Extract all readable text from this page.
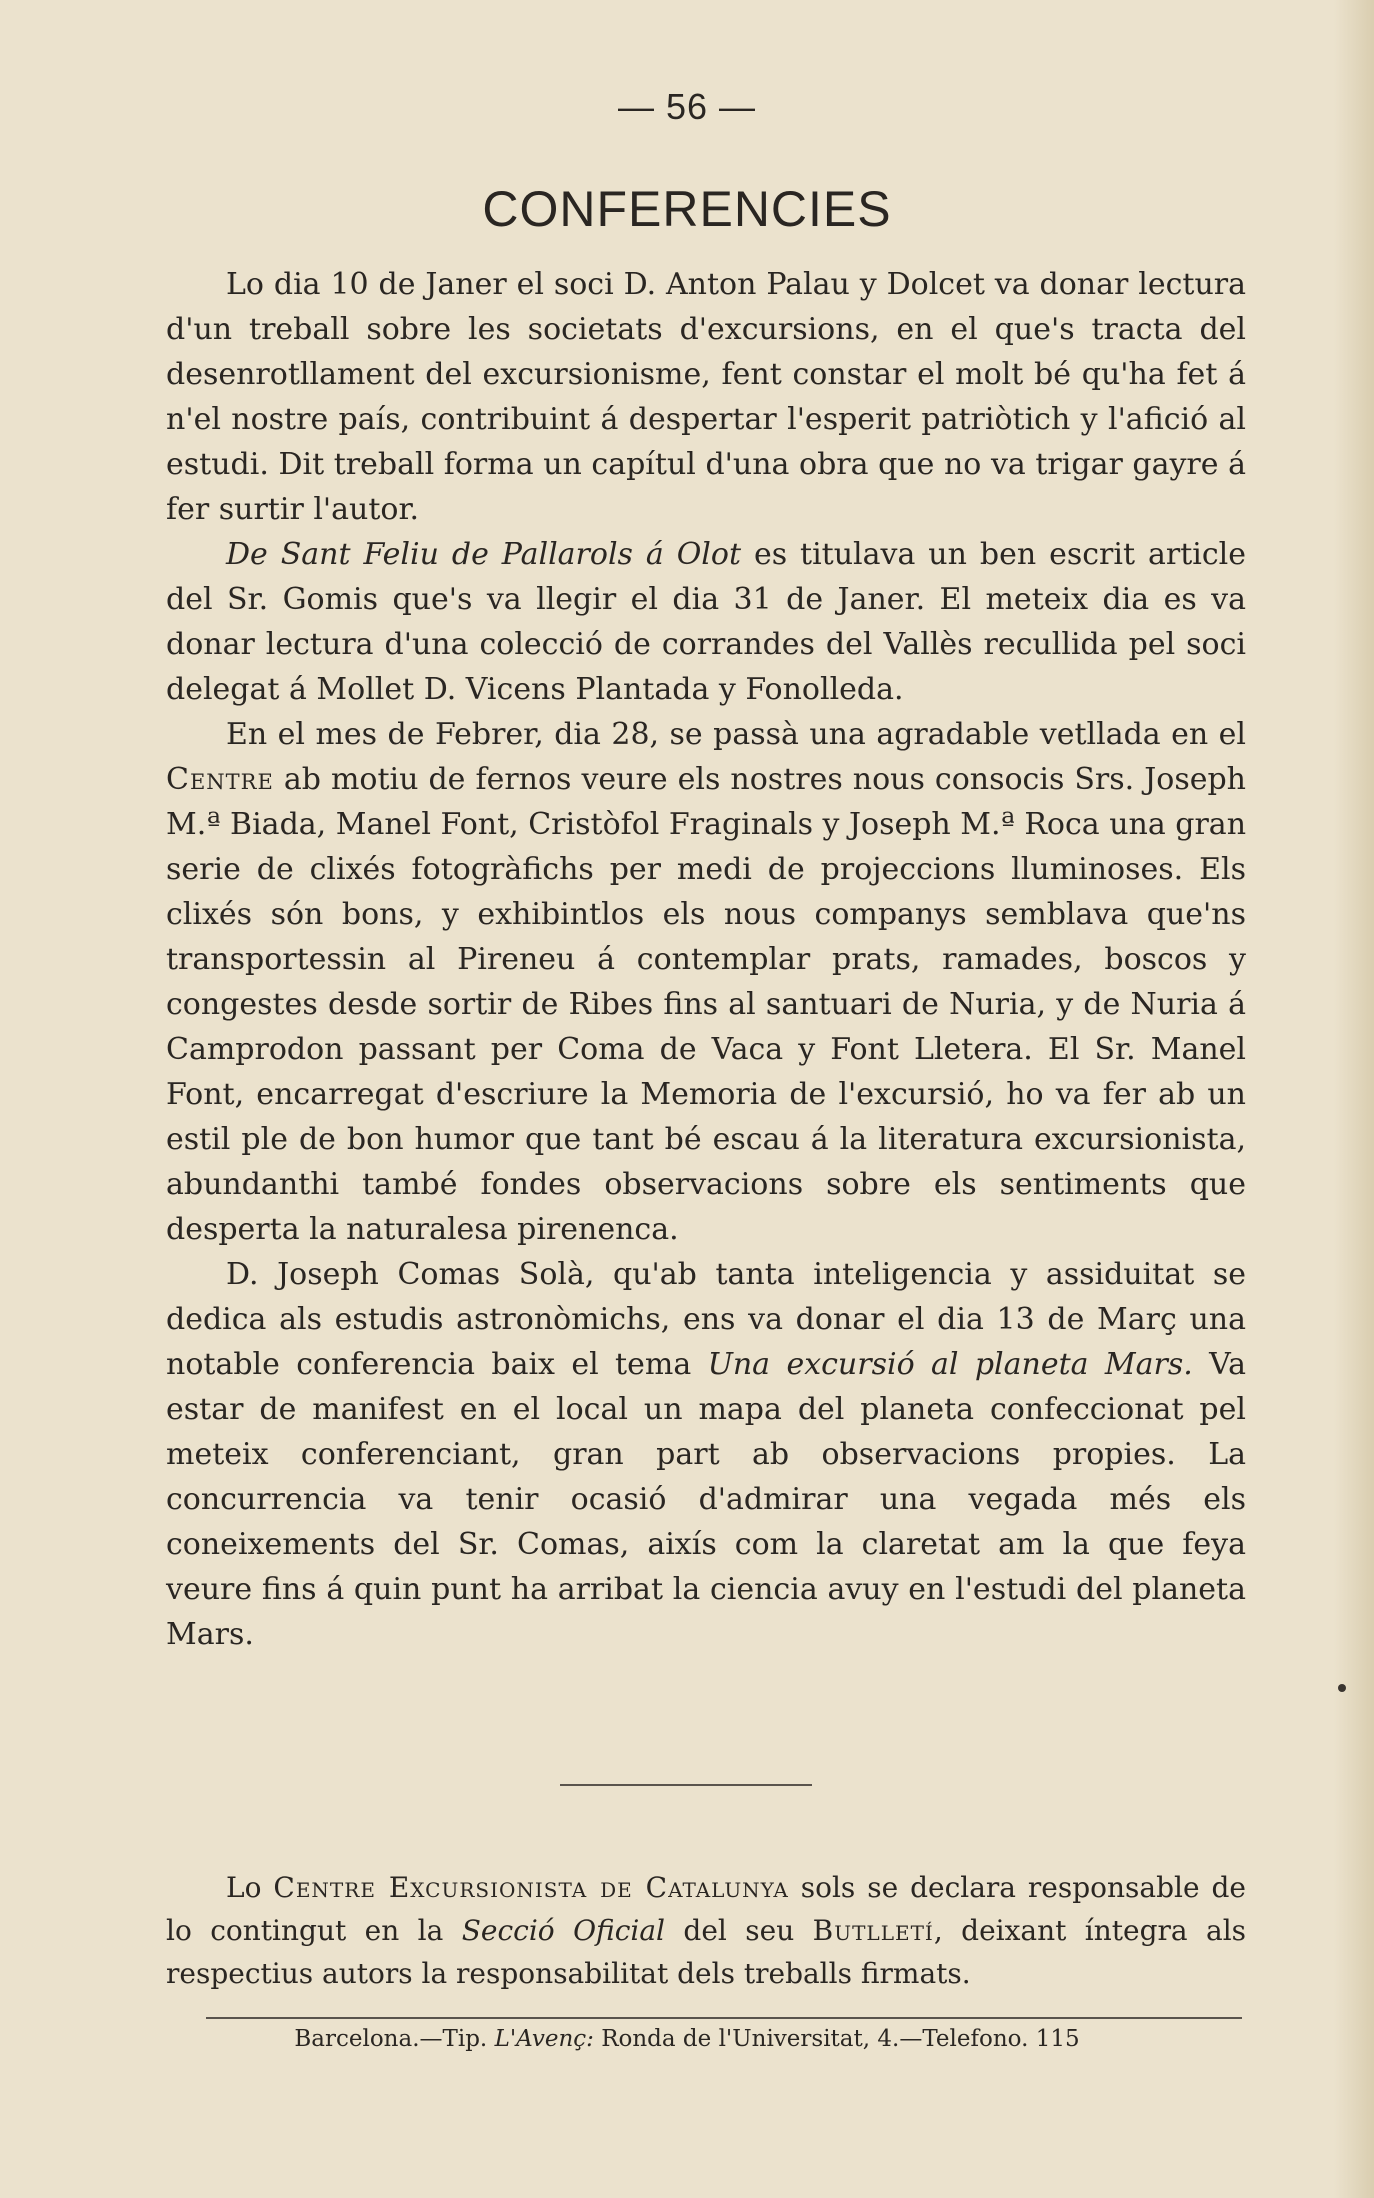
— 56 —
CONFERENCIES

Lo dia 10 de Janer el soci D. Anton Palau y Dolcet va donar lectura d'un treball sobre les societats d'excursions, en el que's tracta del desenrotllament del excursionisme, fent constar el molt bé qu'ha fet á n'el nostre país, contribuint á despertar l'esperit patriòtich y l'afició al estudi. Dit treball forma un capítul d'una obra que no va trigar gayre á fer surtir l'autor.

De Sant Feliu de Pallarols á Olot es titulava un ben escrit article del Sr. Gomis que's va llegir el dia 31 de Janer. El meteix dia es va donar lectura d'una colecció de corrandes del Vallès recullida pel soci delegat á Mollet D. Vicens Plantada y Fonolleda.

En el mes de Febrer, dia 28, se passà una agradable vetllada en el Centre ab motiu de fernos veure els nostres nous consocis Srs. Joseph M.ª Biada, Manel Font, Cristòfol Fraginals y Joseph M.ª Roca una gran serie de clixés fotogràfichs per medi de projeccions lluminoses. Els clixés són bons, y exhibintlos els nous companys semblava que'ns transportessin al Pireneu á contemplar prats, ramades, boscos y congestes desde sortir de Ribes fins al santuari de Nuria, y de Nuria á Camprodon passant per Coma de Vaca y Font Lletera. El Sr. Manel Font, encarregat d'escriure la Memoria de l'excursió, ho va fer ab un estil ple de bon humor que tant bé escau á la literatura excursionista, abundanthi també fondes observacions sobre els sentiments que desperta la naturalesa pirenenca.

D. Joseph Comas Solà, qu'ab tanta inteligencia y assiduitat se dedica als estudis astronòmichs, ens va donar el dia 13 de Març una notable conferencia baix el tema Una excursió al planeta Mars. Va estar de manifest en el local un mapa del planeta confeccionat pel meteix conferenciant, gran part ab observacions propies. La concurrencia va tenir ocasió d'admirar una vegada més els coneixements del Sr. Comas, aixís com la claretat am la que feya veure fins á quin punt ha arribat la ciencia avuy en l'estudi del planeta Mars.

Lo Centre Excursionista de Catalunya sols se declara responsable de lo contingut en la Secció Oficial del seu Butlletí, deixant íntegra als respectius autors la responsabilitat dels treballs firmats.

Barcelona.—Tip. L'Avenç: Ronda de l'Universitat, 4.—Telefono. 115
